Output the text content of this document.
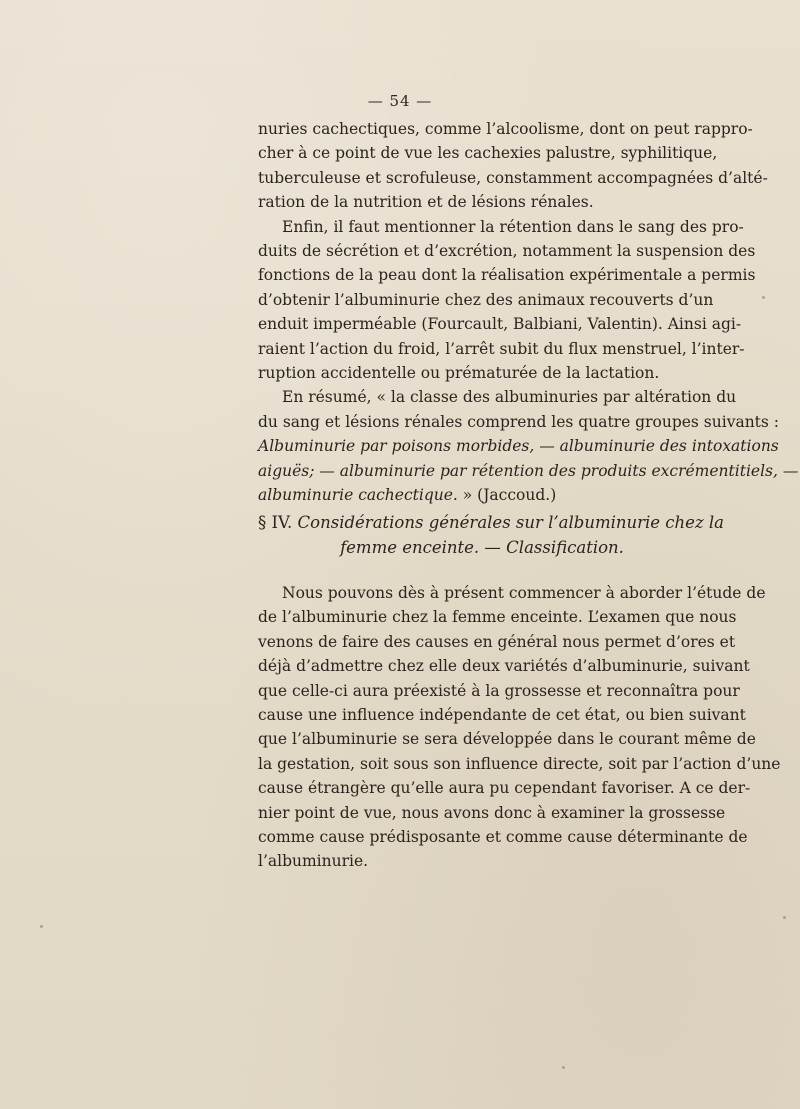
— 54 —
nuries cachectiques, comme l’alcoolisme, dont on peut rappro-
cher à ce point de vue les cachexies palustre, syphilitique,
tuberculeuse et scrofuleuse, constamment accompagnées d’alté-
ration de la nutrition et de lésions rénales.
Enfin, il faut mentionner la rétention dans le sang des pro-
duits de sécrétion et d’excrétion, notamment la suspension des
fonctions de la peau dont la réalisation expérimentale a permis
d’obtenir l’albuminurie chez des animaux recouverts d’un
enduit imperméable (Fourcault, Balbiani, Valentin). Ainsi agi-
raient l’action du froid, l’arrêt subit du flux menstruel, l’inter-
ruption accidentelle ou prématurée de la lactation.
En résumé, « la classe des albuminuries par altération du
du sang et lésions rénales comprend les quatre groupes suivants :
Albuminurie par poisons morbides, — albuminurie des intoxations
aiguës; — albuminurie par rétention des produits excrémentitiels, —
albuminurie cachectique. » (Jaccoud.)
§ IV. Considérations générales sur l’albuminurie chez la
femme enceinte. — Classification.
Nous pouvons dès à présent commencer à aborder l’étude de
de l’albuminurie chez la femme enceinte. L’examen que nous
venons de faire des causes en général nous permet d’ores et
déjà d’admettre chez elle deux variétés d’albuminurie, suivant
que celle-ci aura préexisté à la grossesse et reconnaîtra pour
cause une influence indépendante de cet état, ou bien suivant
que l’albuminurie se sera développée dans le courant même de
la gestation, soit sous son influence directe, soit par l’action d’une
cause étrangère qu’elle aura pu cependant favoriser. A ce der-
nier point de vue, nous avons donc à examiner la grossesse
comme cause prédisposante et comme cause déterminante de
l’albuminurie.
